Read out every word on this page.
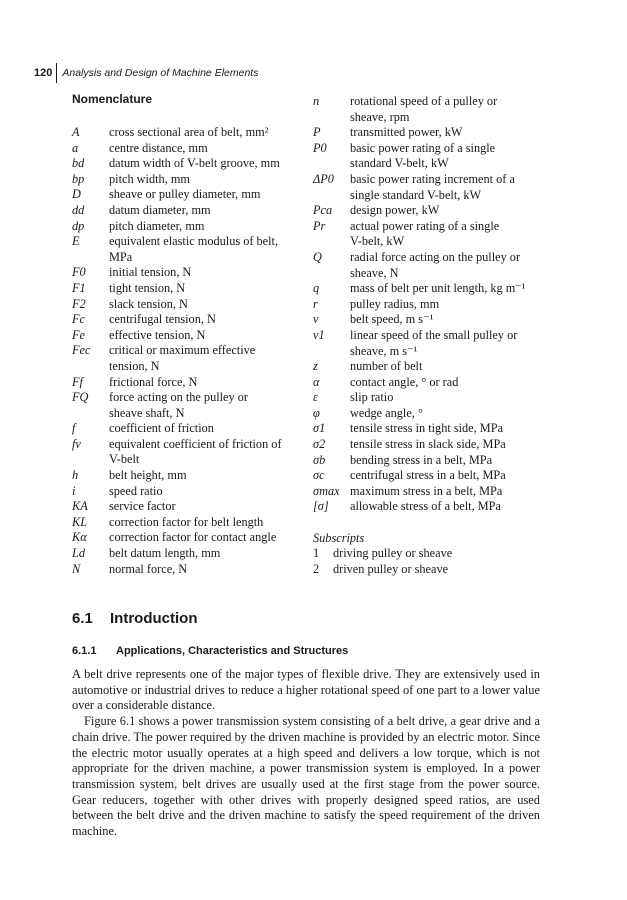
120 Analysis and Design of Machine Elements
Nomenclature
A	cross sectional area of belt, mm²
a	centre distance, mm
bd	datum width of V-belt groove, mm
bp	pitch width, mm
D	sheave or pulley diameter, mm
dd	datum diameter, mm
dp	pitch diameter, mm
E	equivalent elastic modulus of belt,
MPa
F0	initial tension, N
F1	tight tension, N
F2	slack tension, N
Fc	centrifugal tension, N
Fe	effective tension, N
Fec	critical or maximum effective
tension, N
Ff	frictional force, N
FQ	force acting on the pulley or
sheave shaft, N
f	coefficient of friction
fv	equivalent coefficient of friction of
V-belt
h	belt height, mm
i	speed ratio
KA	service factor
KL	correction factor for belt length
Kα	correction factor for contact angle
Ld	belt datum length, mm
N	normal force, N
n	rotational speed of a pulley or
sheave, rpm
P	transmitted power, kW
P0	basic power rating of a single
standard V-belt, kW
ΔP0	basic power rating increment of a
single standard V-belt, kW
Pca	design power, kW
Pr	actual power rating of a single
V-belt, kW
Q	radial force acting on the pulley or
sheave, N
q	mass of belt per unit length, kg m⁻¹
r	pulley radius, mm
v	belt speed, m s⁻¹
v1	linear speed of the small pulley or
sheave, m s⁻¹
z	number of belt
α	contact angle, ° or rad
ε	slip ratio
φ	wedge angle, °
σ1	tensile stress in tight side, MPa
σ2	tensile stress in slack side, MPa
σb	bending stress in a belt, MPa
σc	centrifugal stress in a belt, MPa
σmax maximum stress in a belt, MPa
[σ]	allowable stress of a belt, MPa
Subscripts
1	driving pulley or sheave
2	driven pulley or sheave
6.1 Introduction
6.1.1 Applications, Characteristics and Structures

A belt drive represents one of the major types of flexible drive. They are extensively used in automotive or industrial drives to reduce a higher rotational speed of one part to a lower value over a considerable distance.

Figure 6.1 shows a power transmission system consisting of a belt drive, a gear drive and a chain drive. The power required by the driven machine is provided by an electric motor. Since the electric motor usually operates at a high speed and delivers a low torque, which is not appropriate for the driven machine, a power transmission system is employed. In a power transmission system, belt drives are usually used at the first stage from the power source. Gear reducers, together with other drives with properly designed speed ratios, are used between the belt drive and the driven machine to satisfy the speed requirement of the driven machine.
